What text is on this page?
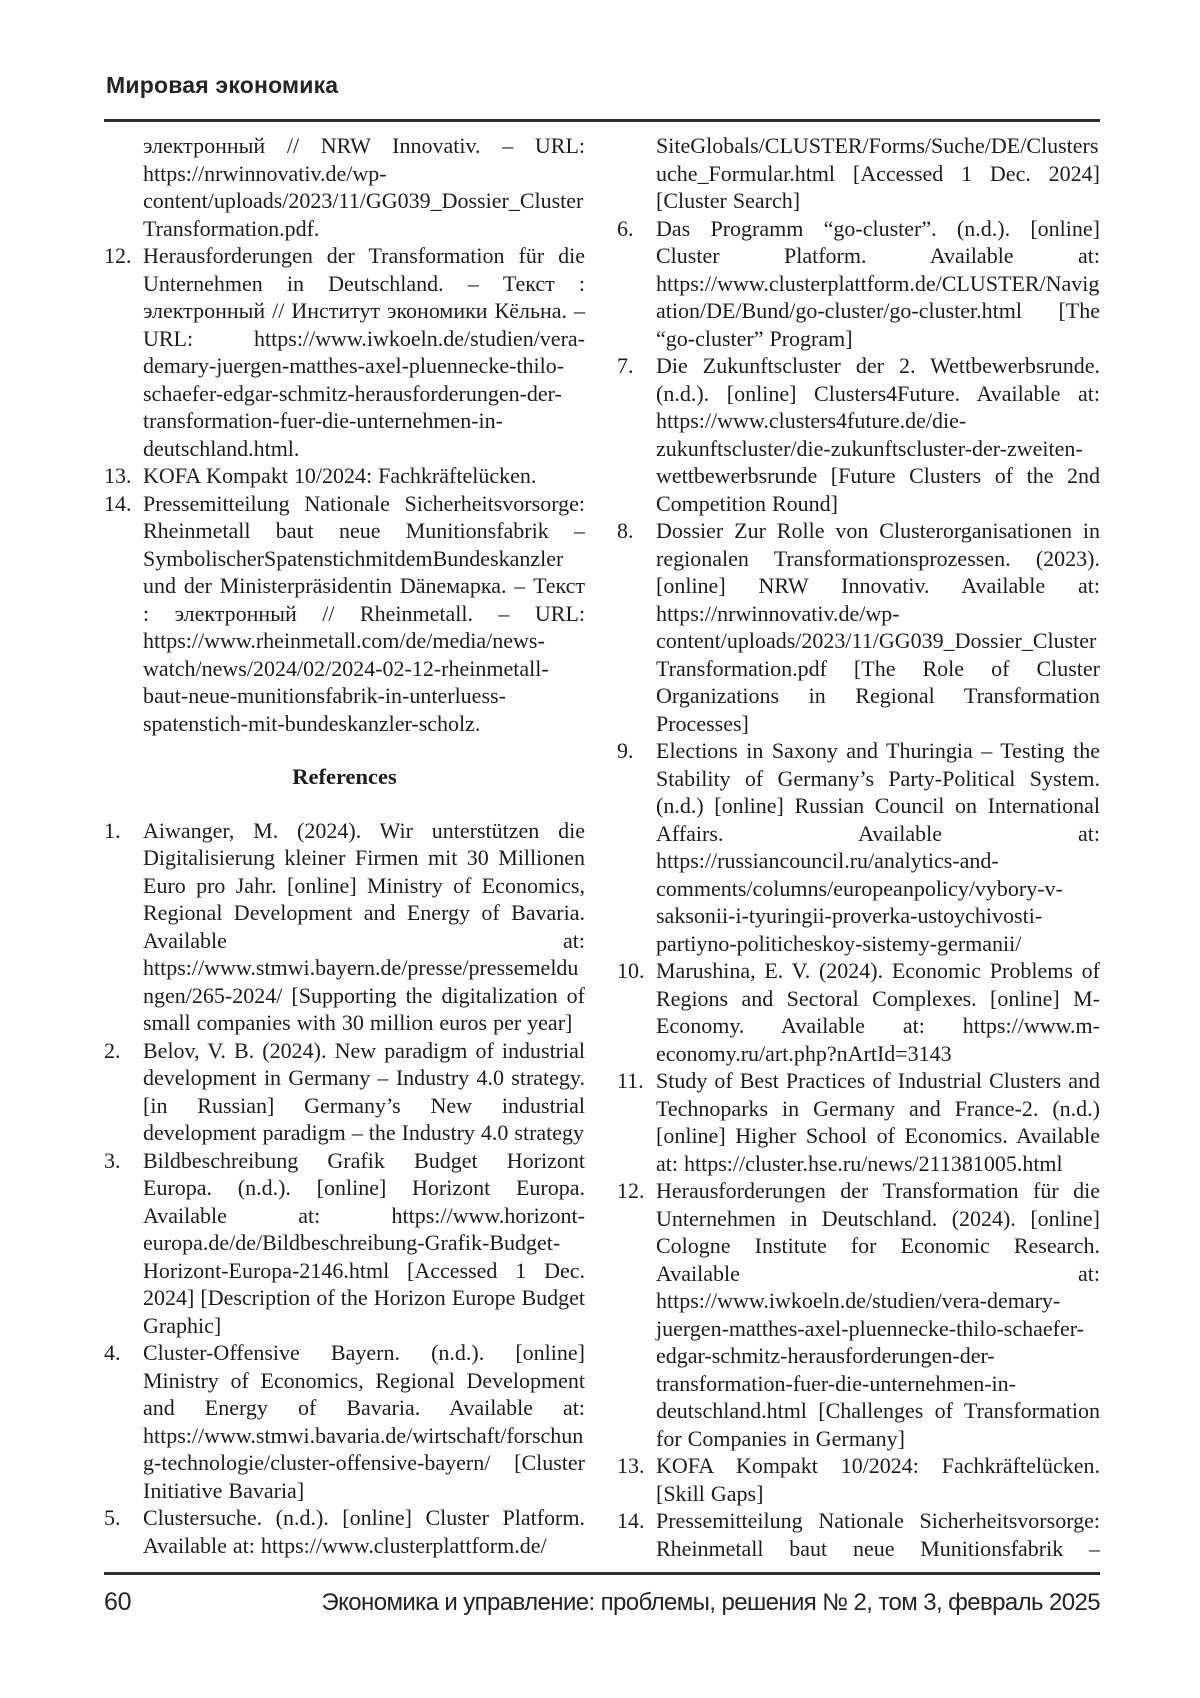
Мировая экономика
электронный // NRW Innovativ. – URL: https://nrwinnovativ.de/wp-content/uploads/2023/11/GG039_Dossier_ClusterTransformation.pdf.
12. Herausforderungen der Transformation für die Unternehmen in Deutschland. – Текст : электронный // Институт экономики Кёльна. – URL: https://www.iwkoeln.de/studien/vera-demary-juergen-matthes-axel-pluennecke-thilo-schaefer-edgar-schmitz-herausforderungen-der-transformation-fuer-die-unternehmen-in-deutschland.html.
13. KOFA Kompakt 10/2024: Fachkräftelücken.
14. Pressemitteilung Nationale Sicherheitsvorsorge: Rheinmetall baut neue Munitionsfabrik – SymbolischerSpatenstichmitdemBundeskanzler und der Ministerpräsidentin Dänемарка. – Текст : электронный // Rheinmetall. – URL: https://www.rheinmetall.com/de/media/news-watch/news/2024/02/2024-02-12-rheinmetall-baut-neue-munitionsfabrik-in-unterluess-spatenstich-mit-bundeskanzler-scholz.
References
1. Aiwanger, M. (2024). Wir unterstützen die Digitalisierung kleiner Firmen mit 30 Millionen Euro pro Jahr. [online] Ministry of Economics, Regional Development and Energy of Bavaria. Available at: https://www.stmwi.bayern.de/presse/pressemeldungen/265-2024/ [Supporting the digitalization of small companies with 30 million euros per year]
2. Belov, V. B. (2024). New paradigm of industrial development in Germany – Industry 4.0 strategy. [in Russian] Germany’s New industrial development paradigm – the Industry 4.0 strategy
3. Bildbeschreibung Grafik Budget Horizont Europa. (n.d.). [online] Horizont Europa. Available at: https://www.horizont-europa.de/de/Bildbeschreibung-Grafik-Budget-Horizont-Europa-2146.html [Accessed 1 Dec. 2024] [Description of the Horizon Europe Budget Graphic]
4. Cluster-Offensive Bayern. (n.d.). [online] Ministry of Economics, Regional Development and Energy of Bavaria. Available at: https://www.stmwi.bavaria.de/wirtschaft/forschung-technologie/cluster-offensive-bayern/ [Cluster Initiative Bavaria]
5. Clustersuche. (n.d.). [online] Cluster Platform. Available at: https://www.clusterplattform.de/
SiteGlobals/CLUSTER/Forms/Suche/DE/Clustersuche_Formular.html [Accessed 1 Dec. 2024] [Cluster Search]
6. Das Programm “go-cluster”. (n.d.). [online] Cluster Platform. Available at: https://www.clusterplattform.de/CLUSTER/Navigation/DE/Bund/go-cluster/go-cluster.html [The “go-cluster” Program]
7. Die Zukunftscluster der 2. Wettbewerbsrunde. (n.d.). [online] Clusters4Future. Available at: https://www.clusters4future.de/die-zukunftscluster/die-zukunftscluster-der-zweiten-wettbewerbsrunde [Future Clusters of the 2nd Competition Round]
8. Dossier Zur Rolle von Clusterorganisationen in regionalen Transformationsprozessen. (2023). [online] NRW Innovativ. Available at: https://nrwinnovativ.de/wp-content/uploads/2023/11/GG039_Dossier_ClusterTransformation.pdf [The Role of Cluster Organizations in Regional Transformation Processes]
9. Elections in Saxony and Thuringia – Testing the Stability of Germany’s Party-Political System. (n.d.) [online] Russian Council on International Affairs. Available at: https://russiancouncil.ru/analytics-and-comments/columns/europeanpolicy/vybory-v-saksonii-i-tyuringii-proverka-ustoychivosti-partiyno-politicheskoy-sistemy-germanii/
10. Marushina, E. V. (2024). Economic Problems of Regions and Sectoral Complexes. [online] M-Economy. Available at: https://www.m-economy.ru/art.php?nArtId=3143
11. Study of Best Practices of Industrial Clusters and Technoparks in Germany and France-2. (n.d.) [online] Higher School of Economics. Available at: https://cluster.hse.ru/news/211381005.html
12. Herausforderungen der Transformation für die Unternehmen in Deutschland. (2024). [online] Cologne Institute for Economic Research. Available at: https://www.iwkoeln.de/studien/vera-demary-juergen-matthes-axel-pluennecke-thilo-schaefer-edgar-schmitz-herausforderungen-der-transformation-fuer-die-unternehmen-in-deutschland.html [Challenges of Transformation for Companies in Germany]
13. KOFA Kompakt 10/2024: Fachkräftelücken. [Skill Gaps]
14. Pressemitteilung Nationale Sicherheitsvorsorge: Rheinmetall baut neue Munitionsfabrik –
60	Экономика и управление: проблемы, решения № 2, том 3, февраль 2025
